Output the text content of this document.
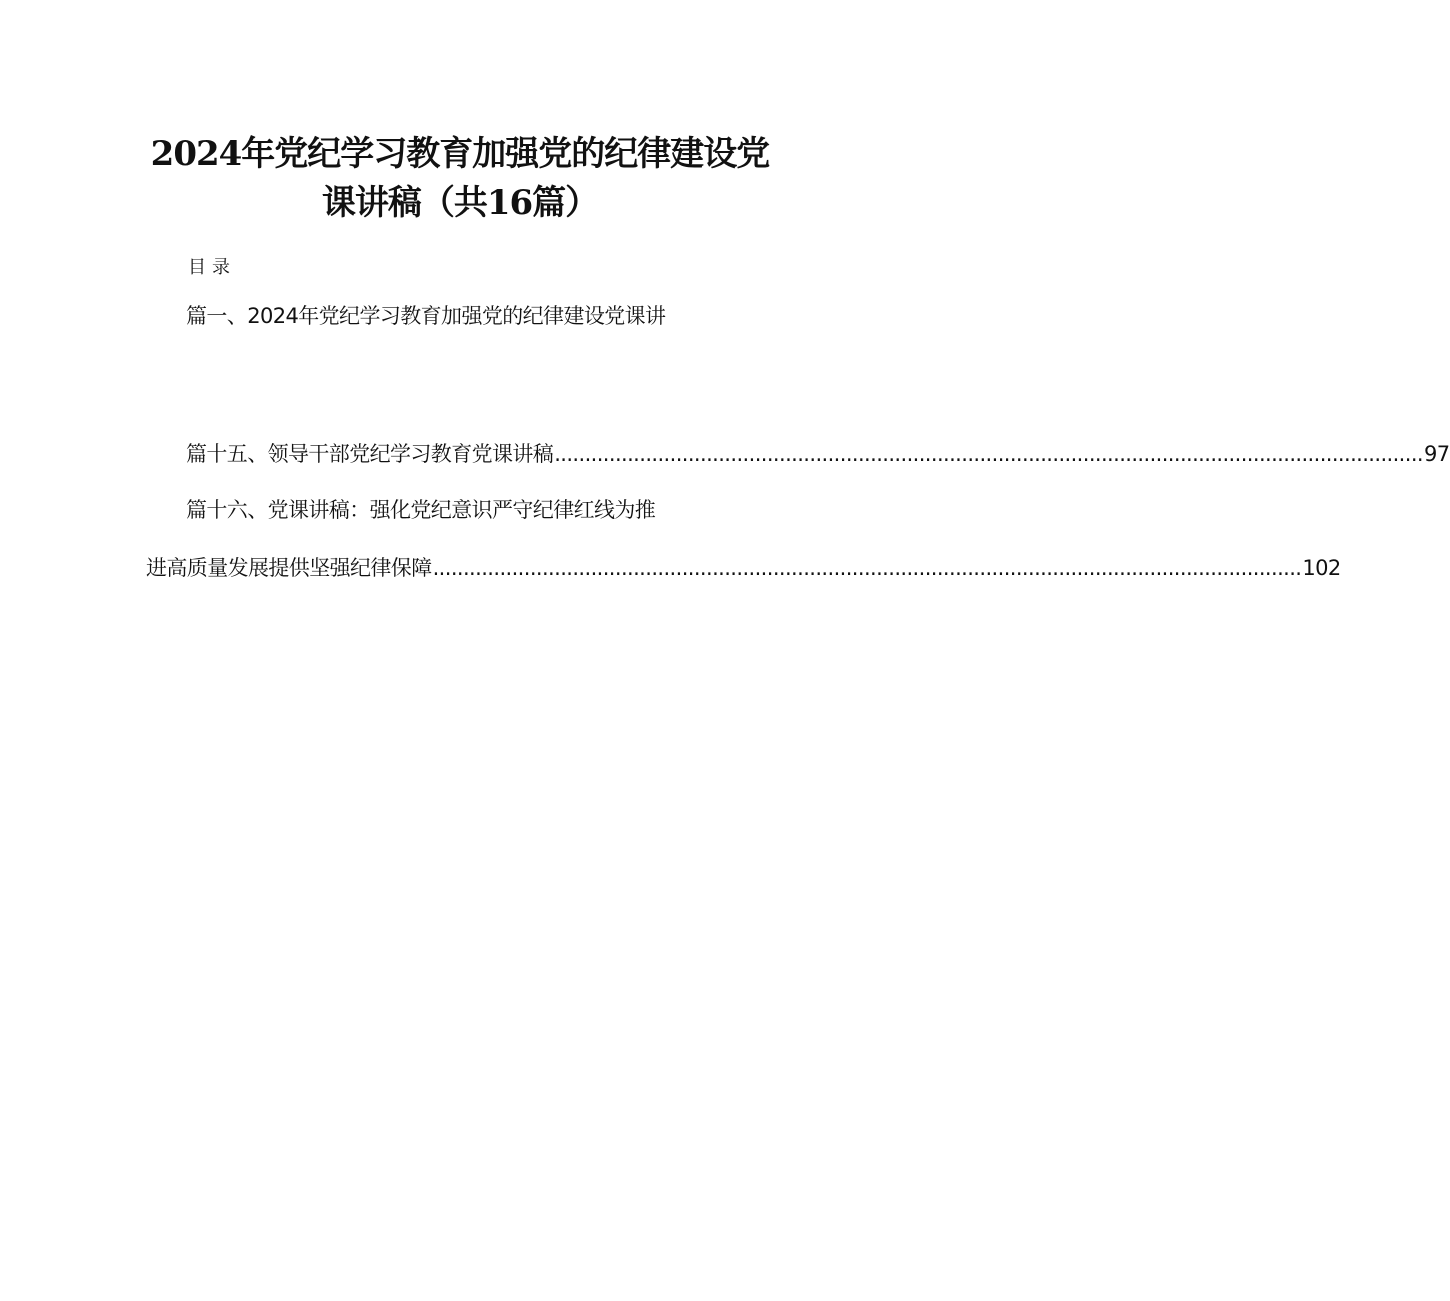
2024年党纪学习教育加强党的纪律建设党
课讲稿（共16篇）
目录
篇一、2024年党纪学习教育加强党的纪律建设党课讲
篇十五、领导干部党纪学习教育党课讲稿 ............................................................................................................................................... 97
篇十六、党课讲稿：强化党纪意识严守纪律红线为推
进高质量发展提供坚强纪律保障 ............................................................................................................................................... 102
